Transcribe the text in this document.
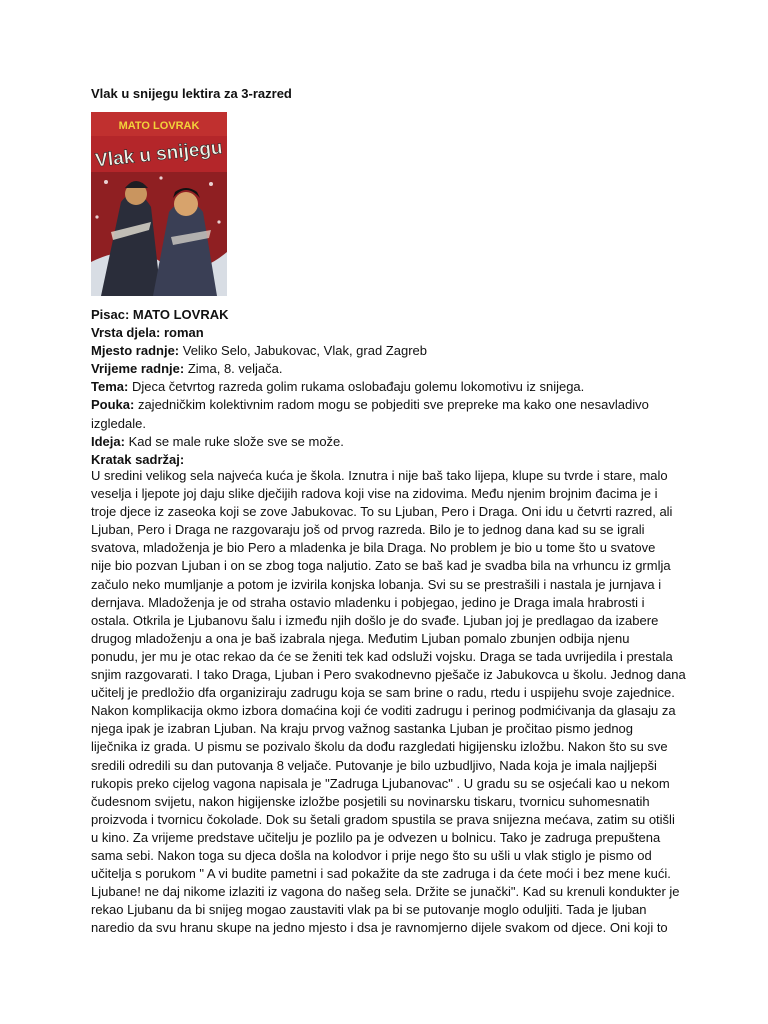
Vlak u snijegu lektira za 3-razred
MATO LOVRAK
Vlak u snijegu
Pisac: MATO LOVRAK
Vrsta djela: roman
Mjesto radnje: Veliko Selo, Jabukovac, Vlak, grad Zagreb
Vrijeme radnje: Zima, 8. veljača.
Tema: Djeca četvrtog razreda golim rukama oslobađaju golemu lokomotivu iz snijega.
Pouka: zajedničkim kolektivnim radom mogu se pobjediti sve prepreke ma kako one nesavladivo izgledale.
Ideja: Kad se male ruke slože sve se može.
Kratak sadržaj:
U sredini velikog sela najveća kuća je škola. Iznutra i nije baš tako lijepa, klupe su tvrde i stare, malo
veselja i ljepote joj daju slike dječijih radova koji vise na zidovima. Među njenim brojnim đacima je i
troje djece iz zaseoka koji se zove Jabukovac. To su Ljuban, Pero i Draga. Oni idu u četvrti razred, ali
Ljuban, Pero i Draga ne razgovaraju još od prvog razreda. Bilo je to jednog dana kad su se igrali
svatova, mladoženja je bio Pero a mladenka je bila Draga. No problem je bio u tome što u svatove
nije bio pozvan Ljuban i on se zbog toga naljutio. Zato se baš kad je svadba bila na vrhuncu iz grmlja
začulo neko mumljanje a potom je izvirila konjska lobanja. Svi su se prestrašili i nastala je jurnjava i
dernjava. Mladoženja je od straha ostavio mladenku i pobjegao, jedino je Draga imala hrabrosti i
ostala. Otkrila je Ljubanovu šalu i između njih došlo je do svađe. Ljuban joj je predlagao da izabere
drugog mladoženju a ona je baš izabrala njega. Međutim Ljuban pomalo zbunjen odbija njenu
ponudu, jer mu je otac rekao da će se ženiti tek kad odsluži vojsku. Draga se tada uvrijedila i prestala
snjim razgovarati. I tako Draga, Ljuban i Pero svakodnevno pješače iz Jabukovca u školu. Jednog dana
učitelj je predložio dfa organiziraju zadrugu koja se sam brine o radu, rtedu i uspijehu svoje zajednice.
Nakon komplikacija okmo izbora domaćina koji će voditi zadrugu i perinog podmićivanja da glasaju za
njega ipak je izabran Ljuban. Na kraju prvog važnog sastanka Ljuban je pročitao pismo jednog
liječnika iz grada. U pismu se pozivalo školu da dođu razgledati higijensku izložbu. Nakon što su sve
sredili odredili su dan putovanja 8 veljače. Putovanje je bilo uzbudljivo, Nada koja je imala najljepši
rukopis preko cijelog vagona napisala je "Zadruga Ljubanovac" . U gradu su se osjećali kao u nekom
čudesnom svijetu, nakon higijenske izložbe posjetili su novinarsku tiskaru, tvornicu suhomesnatih
proizvoda i tvornicu čokolade. Dok su šetali gradom spustila se prava snijezna mećava, zatim su otišli
u kino. Za vrijeme predstave učitelju je pozlilo pa je odvezen u bolnicu. Tako je zadruga prepuštena
sama sebi. Nakon toga su djeca došla na kolodvor i prije nego što su ušli u vlak stiglo je pismo od
učitelja s porukom " A vi budite pametni i sad pokažite da ste zadruga i da ćete moći i bez mene kući.
Ljubane! ne daj nikome izlaziti iz vagona do našeg sela. Držite se junački". Kad su krenuli kondukter je
rekao Ljubanu da bi snijeg mogao zaustaviti vlak pa bi se putovanje moglo oduljiti. Tada je ljuban
naredio da svu hranu skupe na jedno mjesto i dsa je ravnomjerno dijele svakom od djece. Oni koji to
